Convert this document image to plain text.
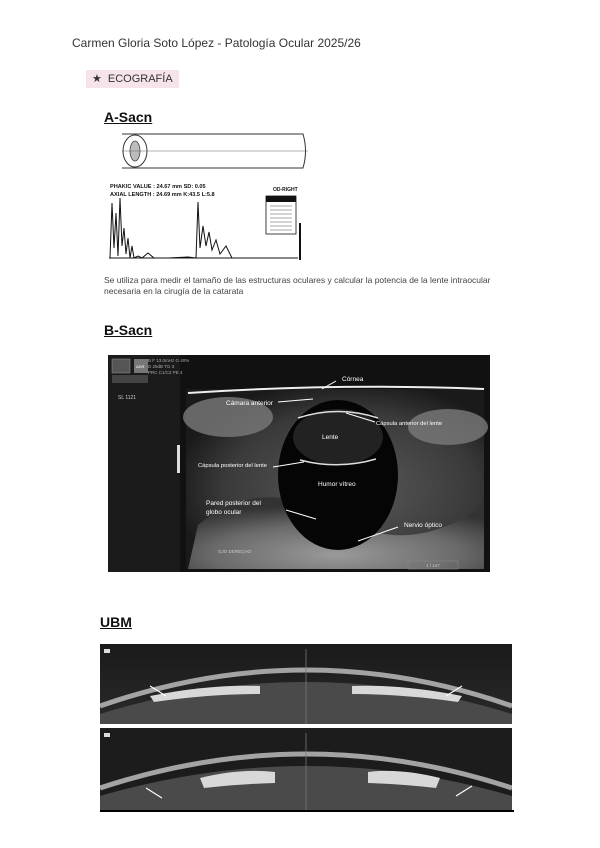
Carmen Gloria Soto López - Patología Ocular 2025/26
★ ECOGRAFÍA
A-Sacn
PHAKIC VALUE : 24.67 mm SD: 0.05
AXIAL LENGTH : 24.69 mm K:43.5 L:5.8
OD-RIGHT
Se utiliza para medir el tamaño de las estructuras oculares y calcular la potencia de la lente intraocular necesaria en la cirugía de la catarata
B-Sacn
ADR
SL 1121
B F 13.0mHz G 40%
D 25dB TG 3
PRC C1/C2 PE 4
Córnea
Cámara anterior
Cápsula anterior del lente
Lente
Cápsula posterior del lente
Humor vítreo
Pared posterior del globo ocular
Nervio óptico
OJO DERECHO
1 / 147
UBM
